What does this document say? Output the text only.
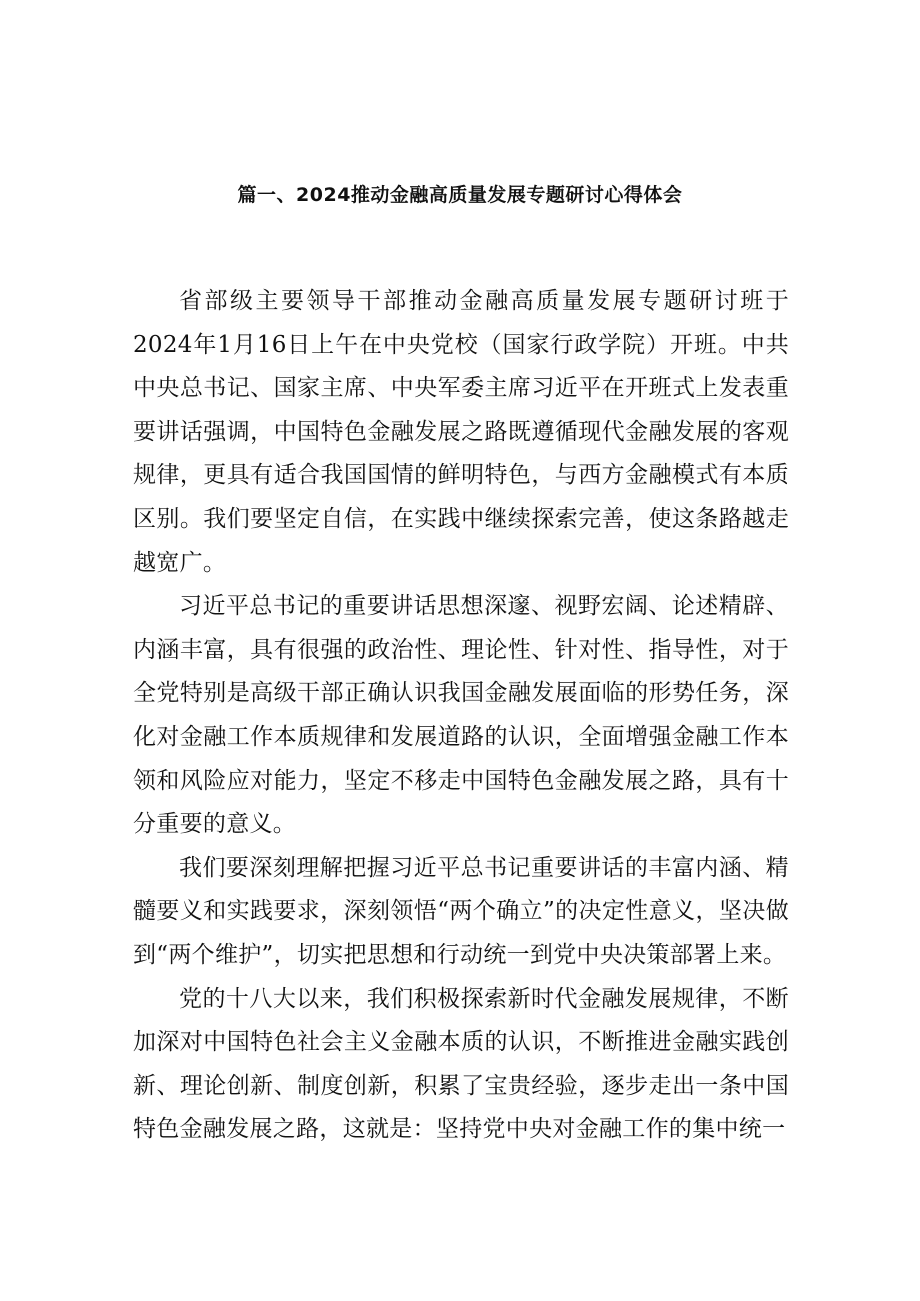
篇一、2024推动金融高质量发展专题研讨心得体会

省部级主要领导干部推动金融高质量发展专题研讨班于2024年1月16日上午在中央党校（国家行政学院）开班。中共中央总书记、国家主席、中央军委主席习近平在开班式上发表重要讲话强调，中国特色金融发展之路既遵循现代金融发展的客观规律，更具有适合我国国情的鲜明特色，与西方金融模式有本质区别。我们要坚定自信，在实践中继续探索完善，使这条路越走越宽广。

习近平总书记的重要讲话思想深邃、视野宏阔、论述精辟、内涵丰富，具有很强的政治性、理论性、针对性、指导性，对于全党特别是高级干部正确认识我国金融发展面临的形势任务，深化对金融工作本质规律和发展道路的认识，全面增强金融工作本领和风险应对能力，坚定不移走中国特色金融发展之路，具有十分重要的意义。

我们要深刻理解把握习近平总书记重要讲话的丰富内涵、精髓要义和实践要求，深刻领悟“两个确立”的决定性意义，坚决做到“两个维护”，切实把思想和行动统一到党中央决策部署上来。

党的十八大以来，我们积极探索新时代金融发展规律，不断加深对中国特色社会主义金融本质的认识，不断推进金融实践创新、理论创新、制度创新，积累了宝贵经验，逐步走出一条中国特色金融发展之路，这就是：坚持党中央对金融工作的集中统一
